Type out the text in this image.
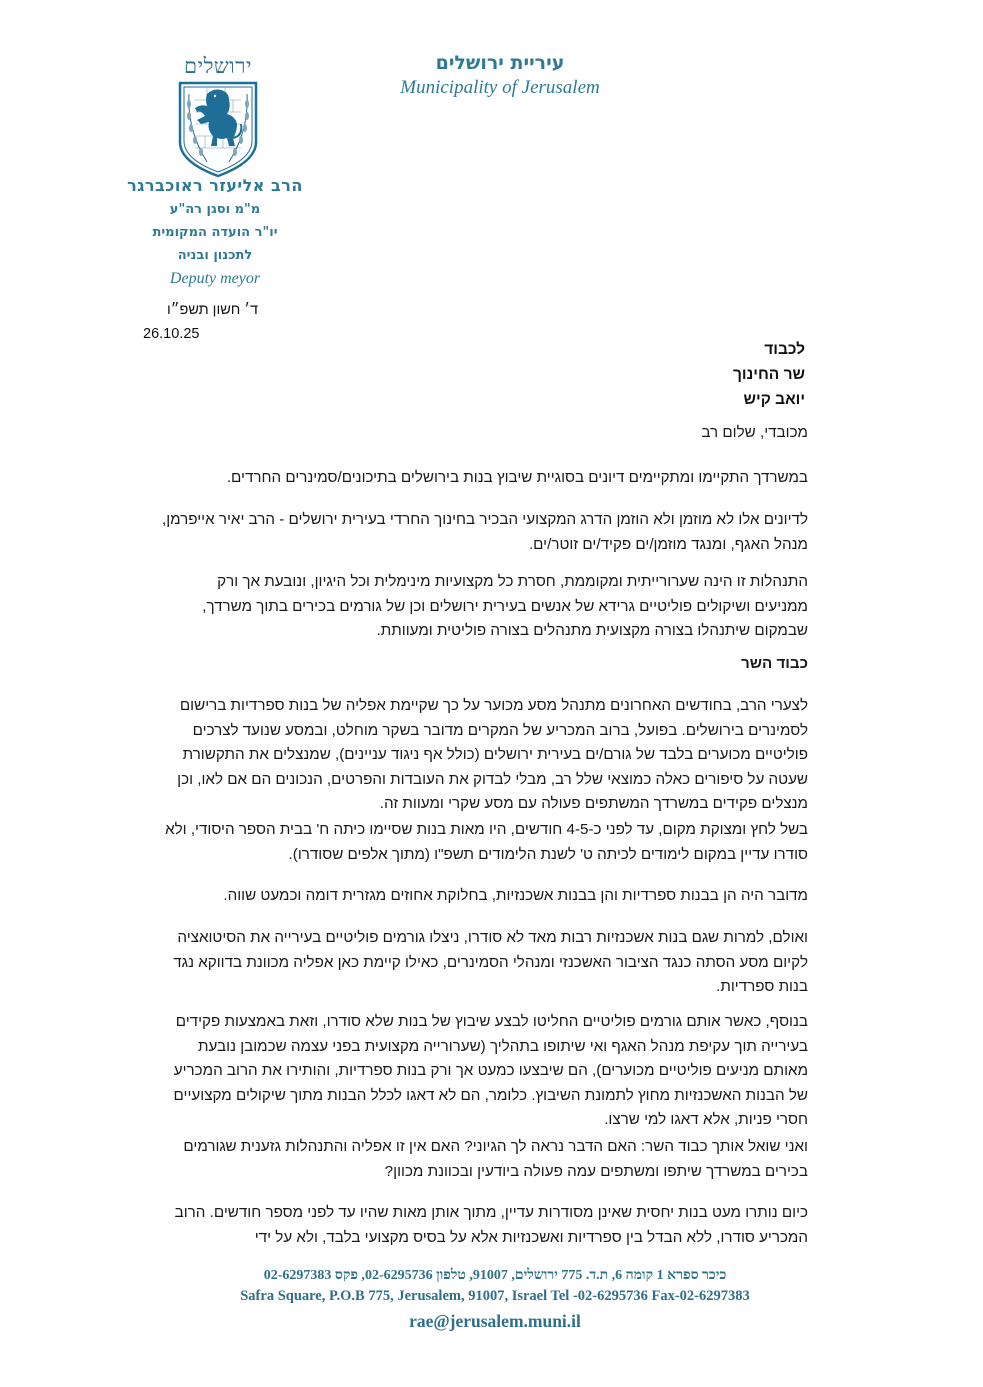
ירושלים	עיריית ירושלים
Municipality of Jerusalem
הרב אליעזר ראוכברגר
מ"מ וסגן רה"ע
יו"ר הועדה המקומית
לתכנון ובניה
Deputy meyor
ד׳ חשון תשפ״ו
26.10.25
לכבוד
שר החינוך
יואב קיש
מכובדי, שלום רב
במשרדך התקיימו ומתקיימים דיונים בסוגיית שיבוץ בנות בירושלים בתיכונים/סמינרים החרדים.
לדיונים אלו לא מוזמן ולא הוזמן הדרג המקצועי הבכיר בחינוך החרדי בעירית ירושלים - הרב יאיר אייפרמן, מנהל האגף, ומנגד מוזמן/ים פקיד/ים זוטר/ים.
התנהלות זו הינה שערורייתית ומקוממת, חסרת כל מקצועיות מינימלית וכל היגיון, ונובעת אך ורק ממניעים ושיקולים פוליטיים גרידא של אנשים בעירית ירושלים וכן של גורמים בכירים בתוך משרדך, שבמקום שיתנהלו בצורה מקצועית מתנהלים בצורה פוליטית ומעוותת.
כבוד השר
לצערי הרב, בחודשים האחרונים מתנהל מסע מכוער על כך שקיימת אפליה של בנות ספרדיות ברישום לסמינרים בירושלים. בפועל, ברוב המכריע של המקרים מדובר בשקר מוחלט, ובמסע שנועד לצרכים פוליטיים מכוערים בלבד של גורם/ים בעירית ירושלים (כולל אף ניגוד עניינים), שמנצלים את התקשורת שעטה על סיפורים כאלה כמוצאי שלל רב, מבלי לבדוק את העובדות והפרטים, הנכונים הם אם לאו, וכן מנצלים פקידים במשרדך המשתפים פעולה עם מסע שקרי ומעוות זה.
בשל לחץ ומצוקת מקום, עד לפני כ-4-5 חודשים, היו מאות בנות שסיימו כיתה ח' בבית הספר היסודי, ולא סודרו עדיין במקום לימודים לכיתה ט' לשנת הלימודים תשפ"ו (מתוך אלפים שסודרו).
מדובר היה הן בבנות ספרדיות והן בבנות אשכנזיות, בחלוקת אחוזים מגזרית דומה וכמעט שווה.
ואולם, למרות שגם בנות אשכנזיות רבות מאד לא סודרו, ניצלו גורמים פוליטיים בעירייה את הסיטואציה לקיום מסע הסתה כנגד הציבור האשכנזי ומנהלי הסמינרים, כאילו קיימת כאן אפליה מכוונת בדווקא נגד בנות ספרדיות.
בנוסף, כאשר אותם גורמים פוליטיים החליטו לבצע שיבוץ של בנות שלא סודרו, וזאת באמצעות פקידים בעירייה תוך עקיפת מנהל האגף ואי שיתופו בתהליך (שערורייה מקצועית בפני עצמה שכמובן נובעת מאותם מניעים פוליטיים מכוערים), הם שיבצעו כמעט אך ורק בנות ספרדיות, והותירו את הרוב המכריע של הבנות האשכנזיות מחוץ לתמונת השיבוץ. כלומר, הם לא דאגו לכלל הבנות מתוך שיקולים מקצועיים חסרי פניות, אלא דאגו למי שרצו.
ואני שואל אותך כבוד השר: האם הדבר נראה לך הגיוני? האם אין זו אפליה והתנהלות גזענית שגורמים בכירים במשרדך שיתפו ומשתפים עמה פעולה ביודעין ובכוונת מכוון?
כיום נותרו מעט בנות יחסית שאינן מסודרות עדיין, מתוך אותן מאות שהיו עד לפני מספר חודשים. הרוב המכריע סודרו, ללא הבדל בין ספרדיות ואשכנזיות אלא על בסיס מקצועי בלבד, ולא על ידי
כיכר ספרא 1 קומה 6, ת.ד. 775 ירושלים, 91007, טלפון 02-6295736, פקס 02-6297383
Safra Square, P.O.B 775, Jerusalem, 91007, Israel Tel -02-6295736 Fax-02-6297383
rae@jerusalem.muni.il
